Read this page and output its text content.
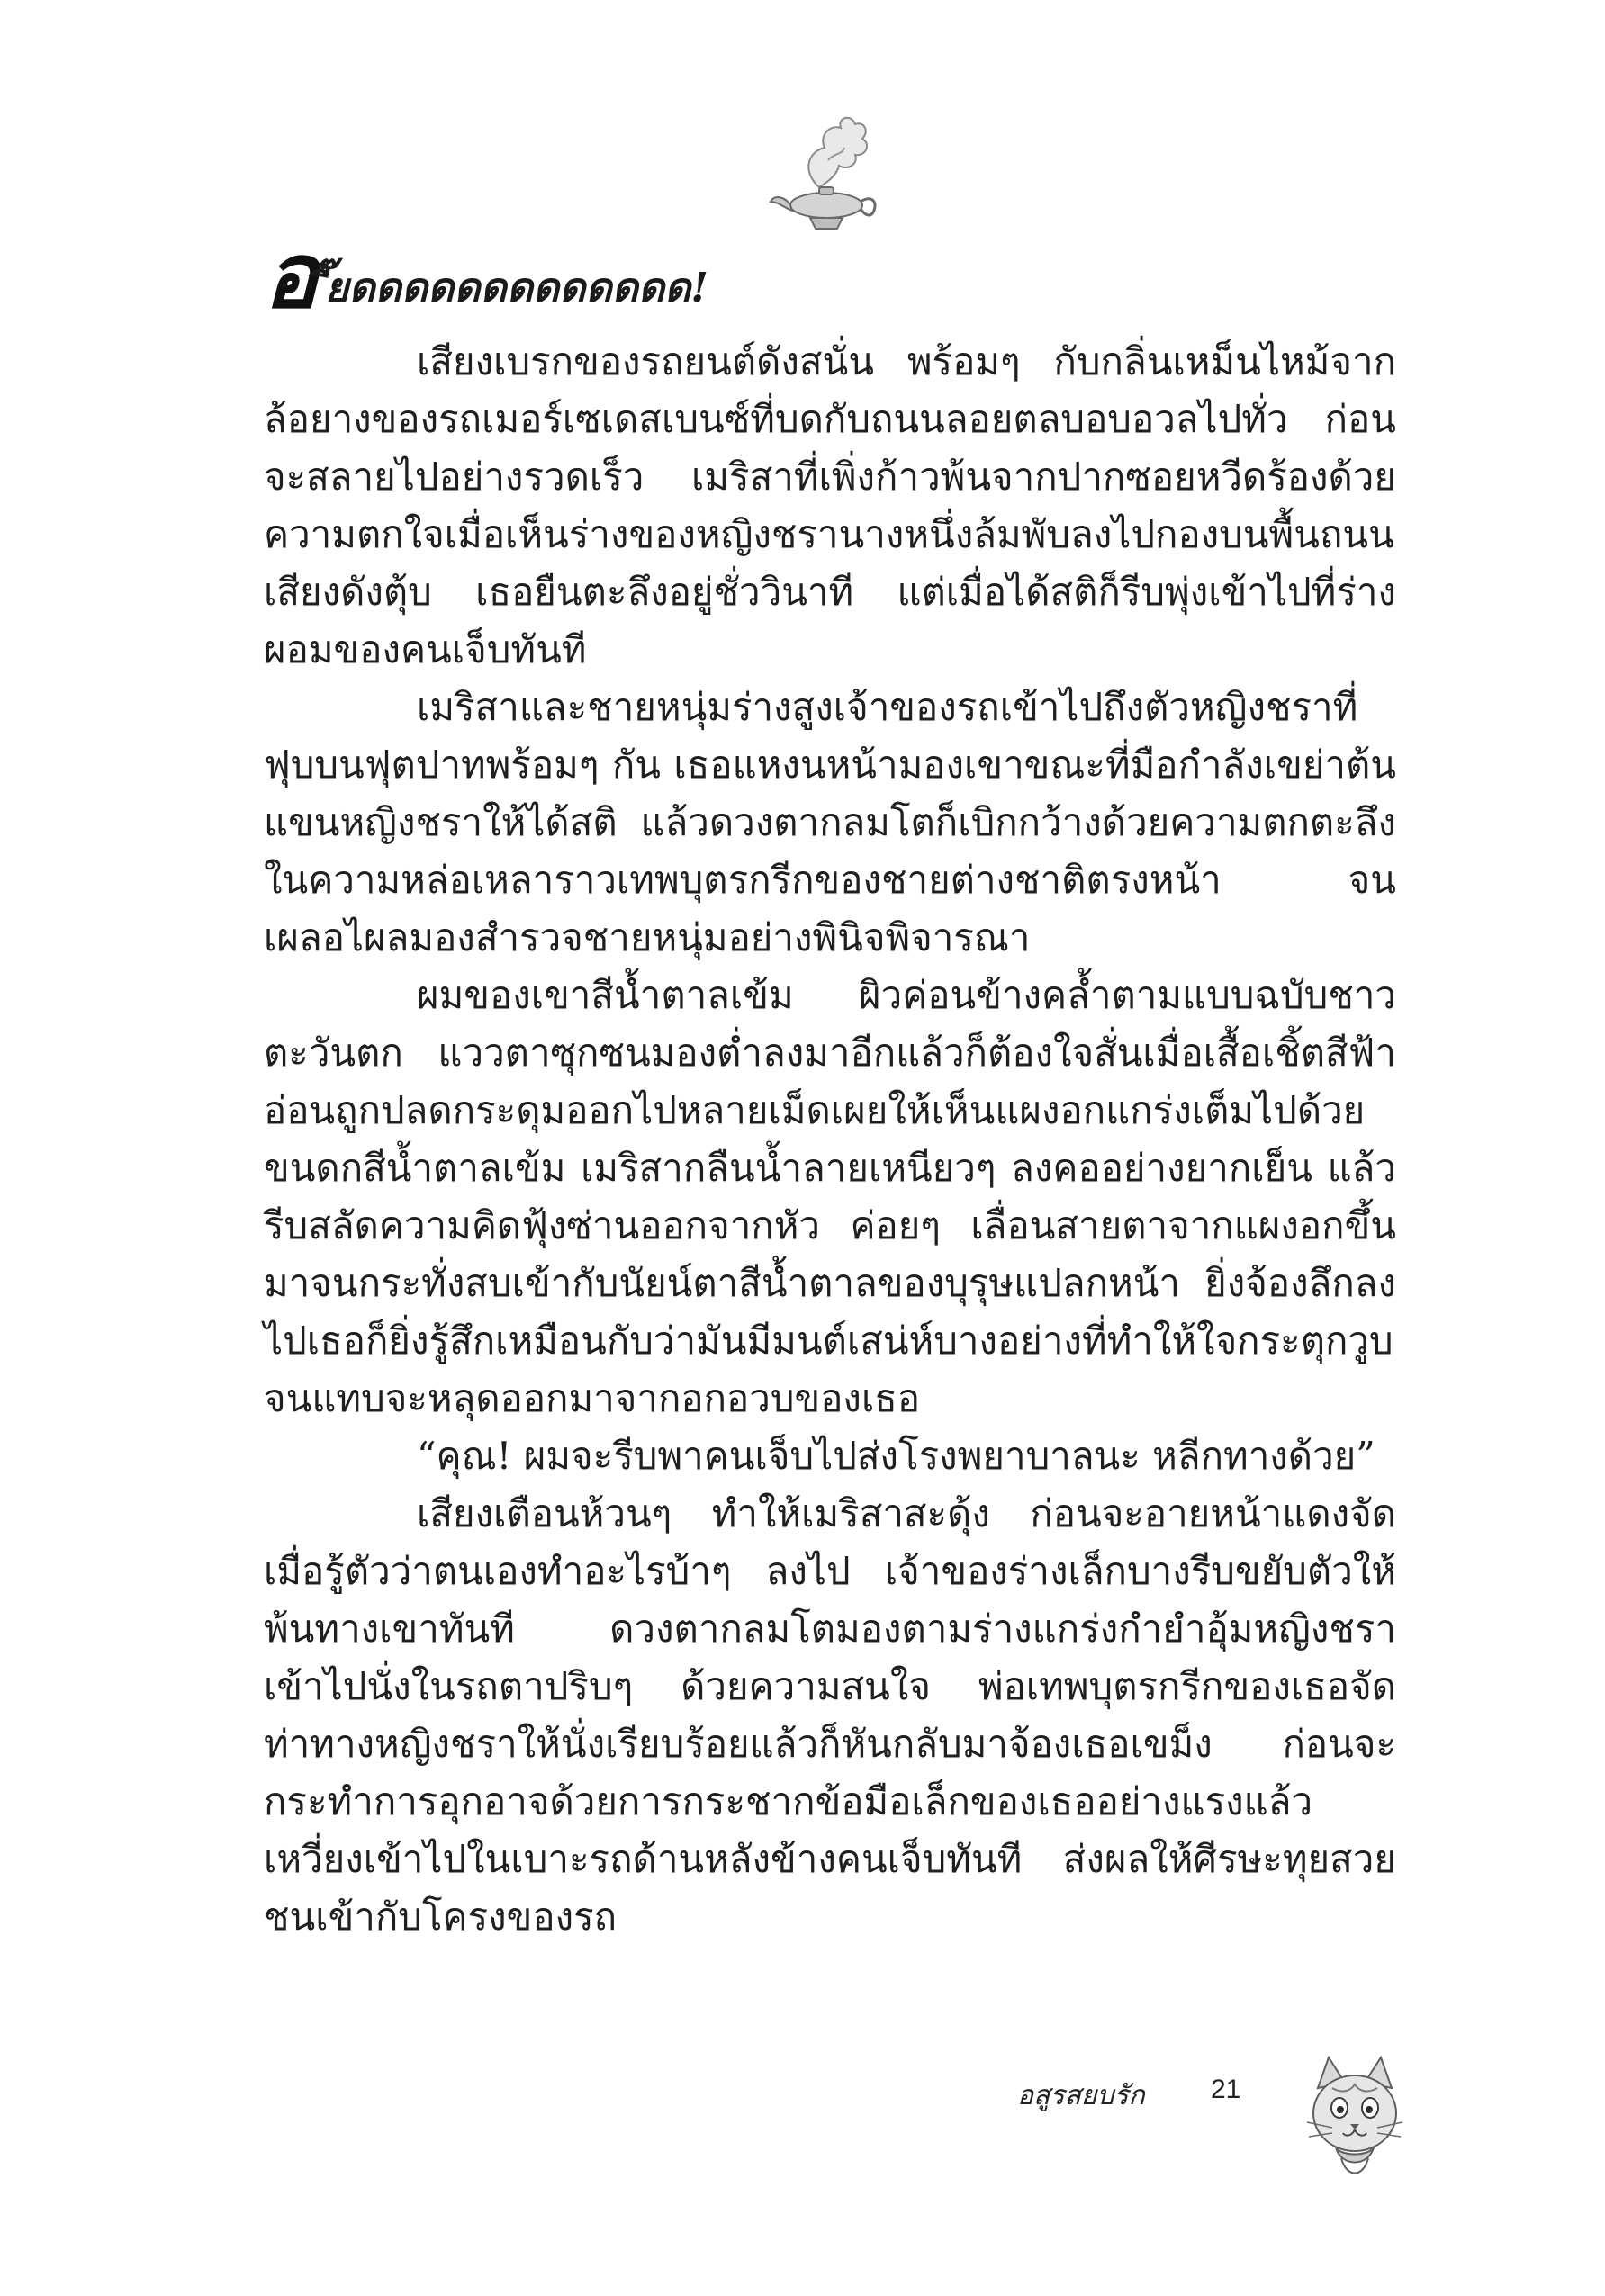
อ ี๊ยดดดดดดดดดดดดด!

เสียงเบรกของรถยนต์ดังสนั่น พร้อมๆ กับกลิ่นเหม็นไหม้จากล้อยางของรถเมอร์เซเดสเบนซ์ที่บดกับถนนลอยตลบอบอวลไปทั่ว ก่อนจะสลายไปอย่างรวดเร็ว เมริสาที่เพิ่งก้าวพ้นจากปากซอยหวีดร้องด้วยความตกใจเมื่อเห็นร่างของหญิงชรานางหนึ่งล้มพับลงไปกองบนพื้นถนนเสียงดังตุ้บ เธอยืนตะลึงอยู่ชั่ววินาที แต่เมื่อได้สติก็รีบพุ่งเข้าไปที่ร่างผอมของคนเจ็บทันที

เมริสาและชายหนุ่มร่างสูงเจ้าของรถเข้าไปถึงตัวหญิงชราที่ฟุบบนฟุตปาทพร้อมๆ กัน เธอแหงนหน้ามองเขาขณะที่มือกำลังเขย่าต้นแขนหญิงชราให้ได้สติ แล้วดวงตากลมโตก็เบิกกว้างด้วยความตกตะลึงในความหล่อเหลาราวเทพบุตรกรีกของชายต่างชาติตรงหน้า จนเผลอไผลมองสำรวจชายหนุ่มอย่างพินิจพิจารณา

ผมของเขาสีน้ำตาลเข้ม ผิวค่อนข้างคล้ำตามแบบฉบับชาวตะวันตก แววตาซุกซนมองต่ำลงมาอีกแล้วก็ต้องใจสั่นเมื่อเสื้อเชิ้ตสีฟ้าอ่อนถูกปลดกระดุมออกไปหลายเม็ดเผยให้เห็นแผงอกแกร่งเต็มไปด้วยขนดกสีน้ำตาลเข้ม เมริสากลืนน้ำลายเหนียวๆ ลงคออย่างยากเย็น แล้วรีบสลัดความคิดฟุ้งซ่านออกจากหัว ค่อยๆ เลื่อนสายตาจากแผงอกขึ้นมาจนกระทั่งสบเข้ากับนัยน์ตาสีน้ำตาลของบุรุษแปลกหน้า ยิ่งจ้องลึกลงไปเธอก็ยิ่งรู้สึกเหมือนกับว่ามันมีมนต์เสน่ห์บางอย่างที่ทำให้ใจกระตุกวูบจนแทบจะหลุดออกมาจากอกอวบของเธอ

“คุณ! ผมจะรีบพาคนเจ็บไปส่งโรงพยาบาลนะ หลีกทางด้วย”

เสียงเตือนห้วนๆ ทำให้เมริสาสะดุ้ง ก่อนจะอายหน้าแดงจัดเมื่อรู้ตัวว่าตนเองทำอะไรบ้าๆ ลงไป เจ้าของร่างเล็กบางรีบขยับตัวให้พ้นทางเขาทันที ดวงตากลมโตมองตามร่างแกร่งกำยำอุ้มหญิงชราเข้าไปนั่งในรถตาปริบๆ ด้วยความสนใจ พ่อเทพบุตรกรีกของเธอจัดท่าทางหญิงชราให้นั่งเรียบร้อยแล้วก็หันกลับมาจ้องเธอเขม็ง ก่อนจะกระทำการอุกอาจด้วยการกระชากข้อมือเล็กของเธออย่างแรงแล้วเหวี่ยงเข้าไปในเบาะรถด้านหลังข้างคนเจ็บทันที ส่งผลให้ศีรษะทุยสวยชนเข้ากับโครงของรถ

อสูรสยบรัก 21
